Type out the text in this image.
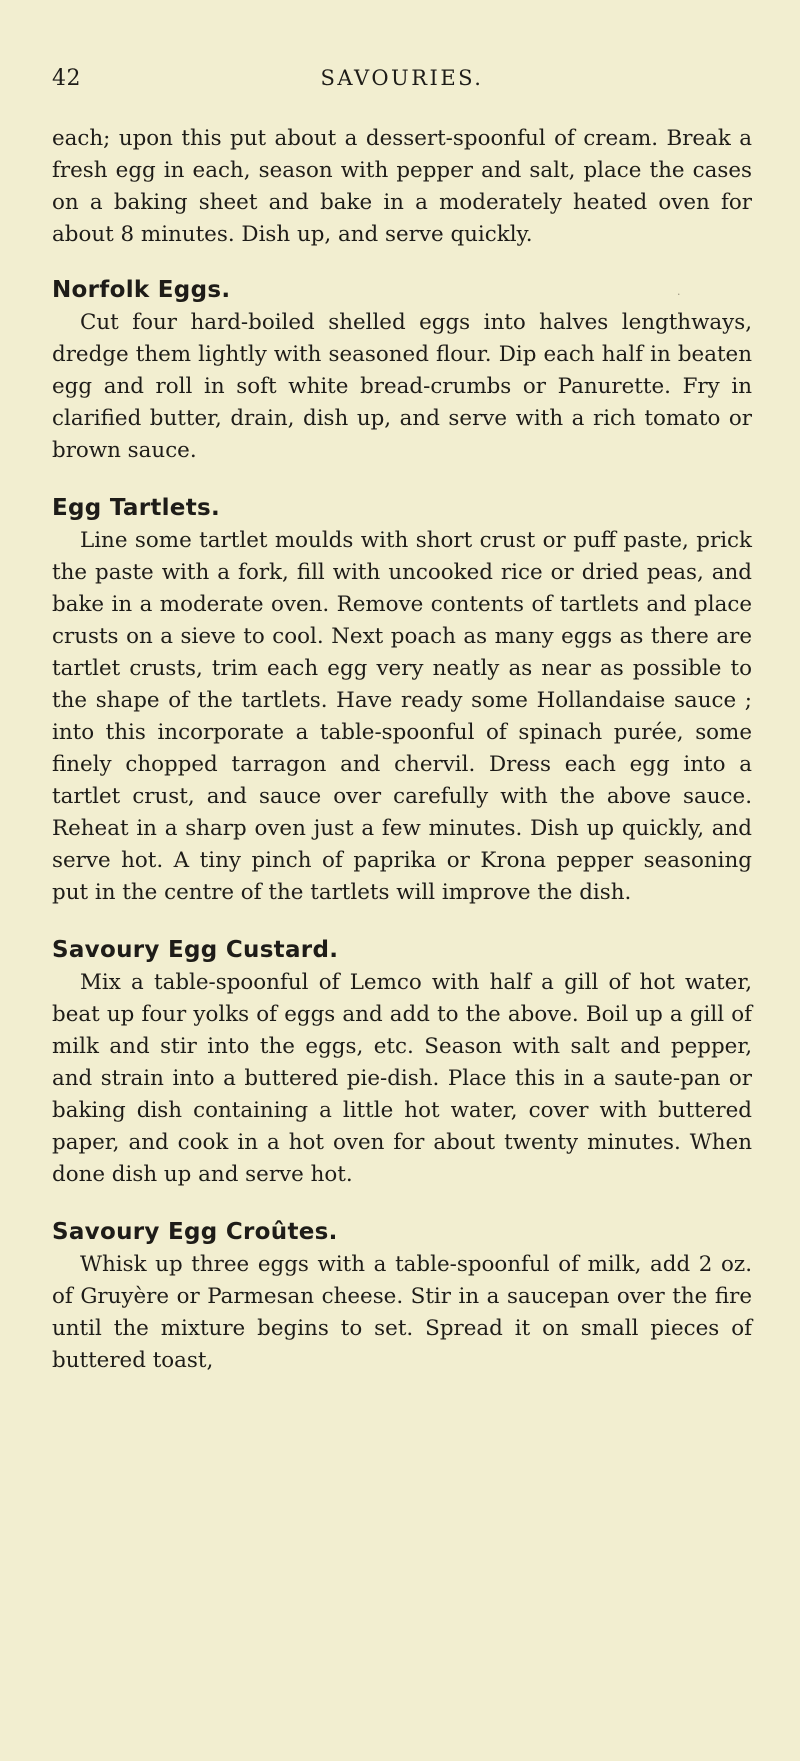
42	SAVOURIES.

each; upon this put about a dessert-spoonful of cream. Break a fresh egg in each, season with pepper and salt, place the cases on a baking sheet and bake in a moderately heated oven for about 8 minutes. Dish up, and serve quickly.

Norfolk Eggs.

Cut four hard-boiled shelled eggs into halves lengthways, dredge them lightly with seasoned flour. Dip each half in beaten egg and roll in soft white bread-crumbs or Panurette. Fry in clarified butter, drain, dish up, and serve with a rich tomato or brown sauce.

Egg Tartlets.

Line some tartlet moulds with short crust or puff paste, prick the paste with a fork, fill with uncooked rice or dried peas, and bake in a moderate oven. Remove contents of tartlets and place crusts on a sieve to cool. Next poach as many eggs as there are tartlet crusts, trim each egg very neatly as near as possible to the shape of the tartlets. Have ready some Hollandaise sauce ; into this incorporate a table-spoonful of spinach purée, some finely chopped tarragon and chervil. Dress each egg into a tartlet crust, and sauce over carefully with the above sauce. Reheat in a sharp oven just a few minutes. Dish up quickly, and serve hot. A tiny pinch of paprika or Krona pepper seasoning put in the centre of the tartlets will improve the dish.

Savoury Egg Custard.

Mix a table-spoonful of Lemco with half a gill of hot water, beat up four yolks of eggs and add to the above. Boil up a gill of milk and stir into the eggs, etc. Season with salt and pepper, and strain into a buttered pie-dish. Place this in a saute-pan or baking dish containing a little hot water, cover with buttered paper, and cook in a hot oven for about twenty minutes. When done dish up and serve hot.

Savoury Egg Croûtes.

Whisk up three eggs with a table-spoonful of milk, add 2 oz. of Gruyère or Parmesan cheese. Stir in a saucepan over the fire until the mixture begins to set. Spread it on small pieces of buttered toast,

·
